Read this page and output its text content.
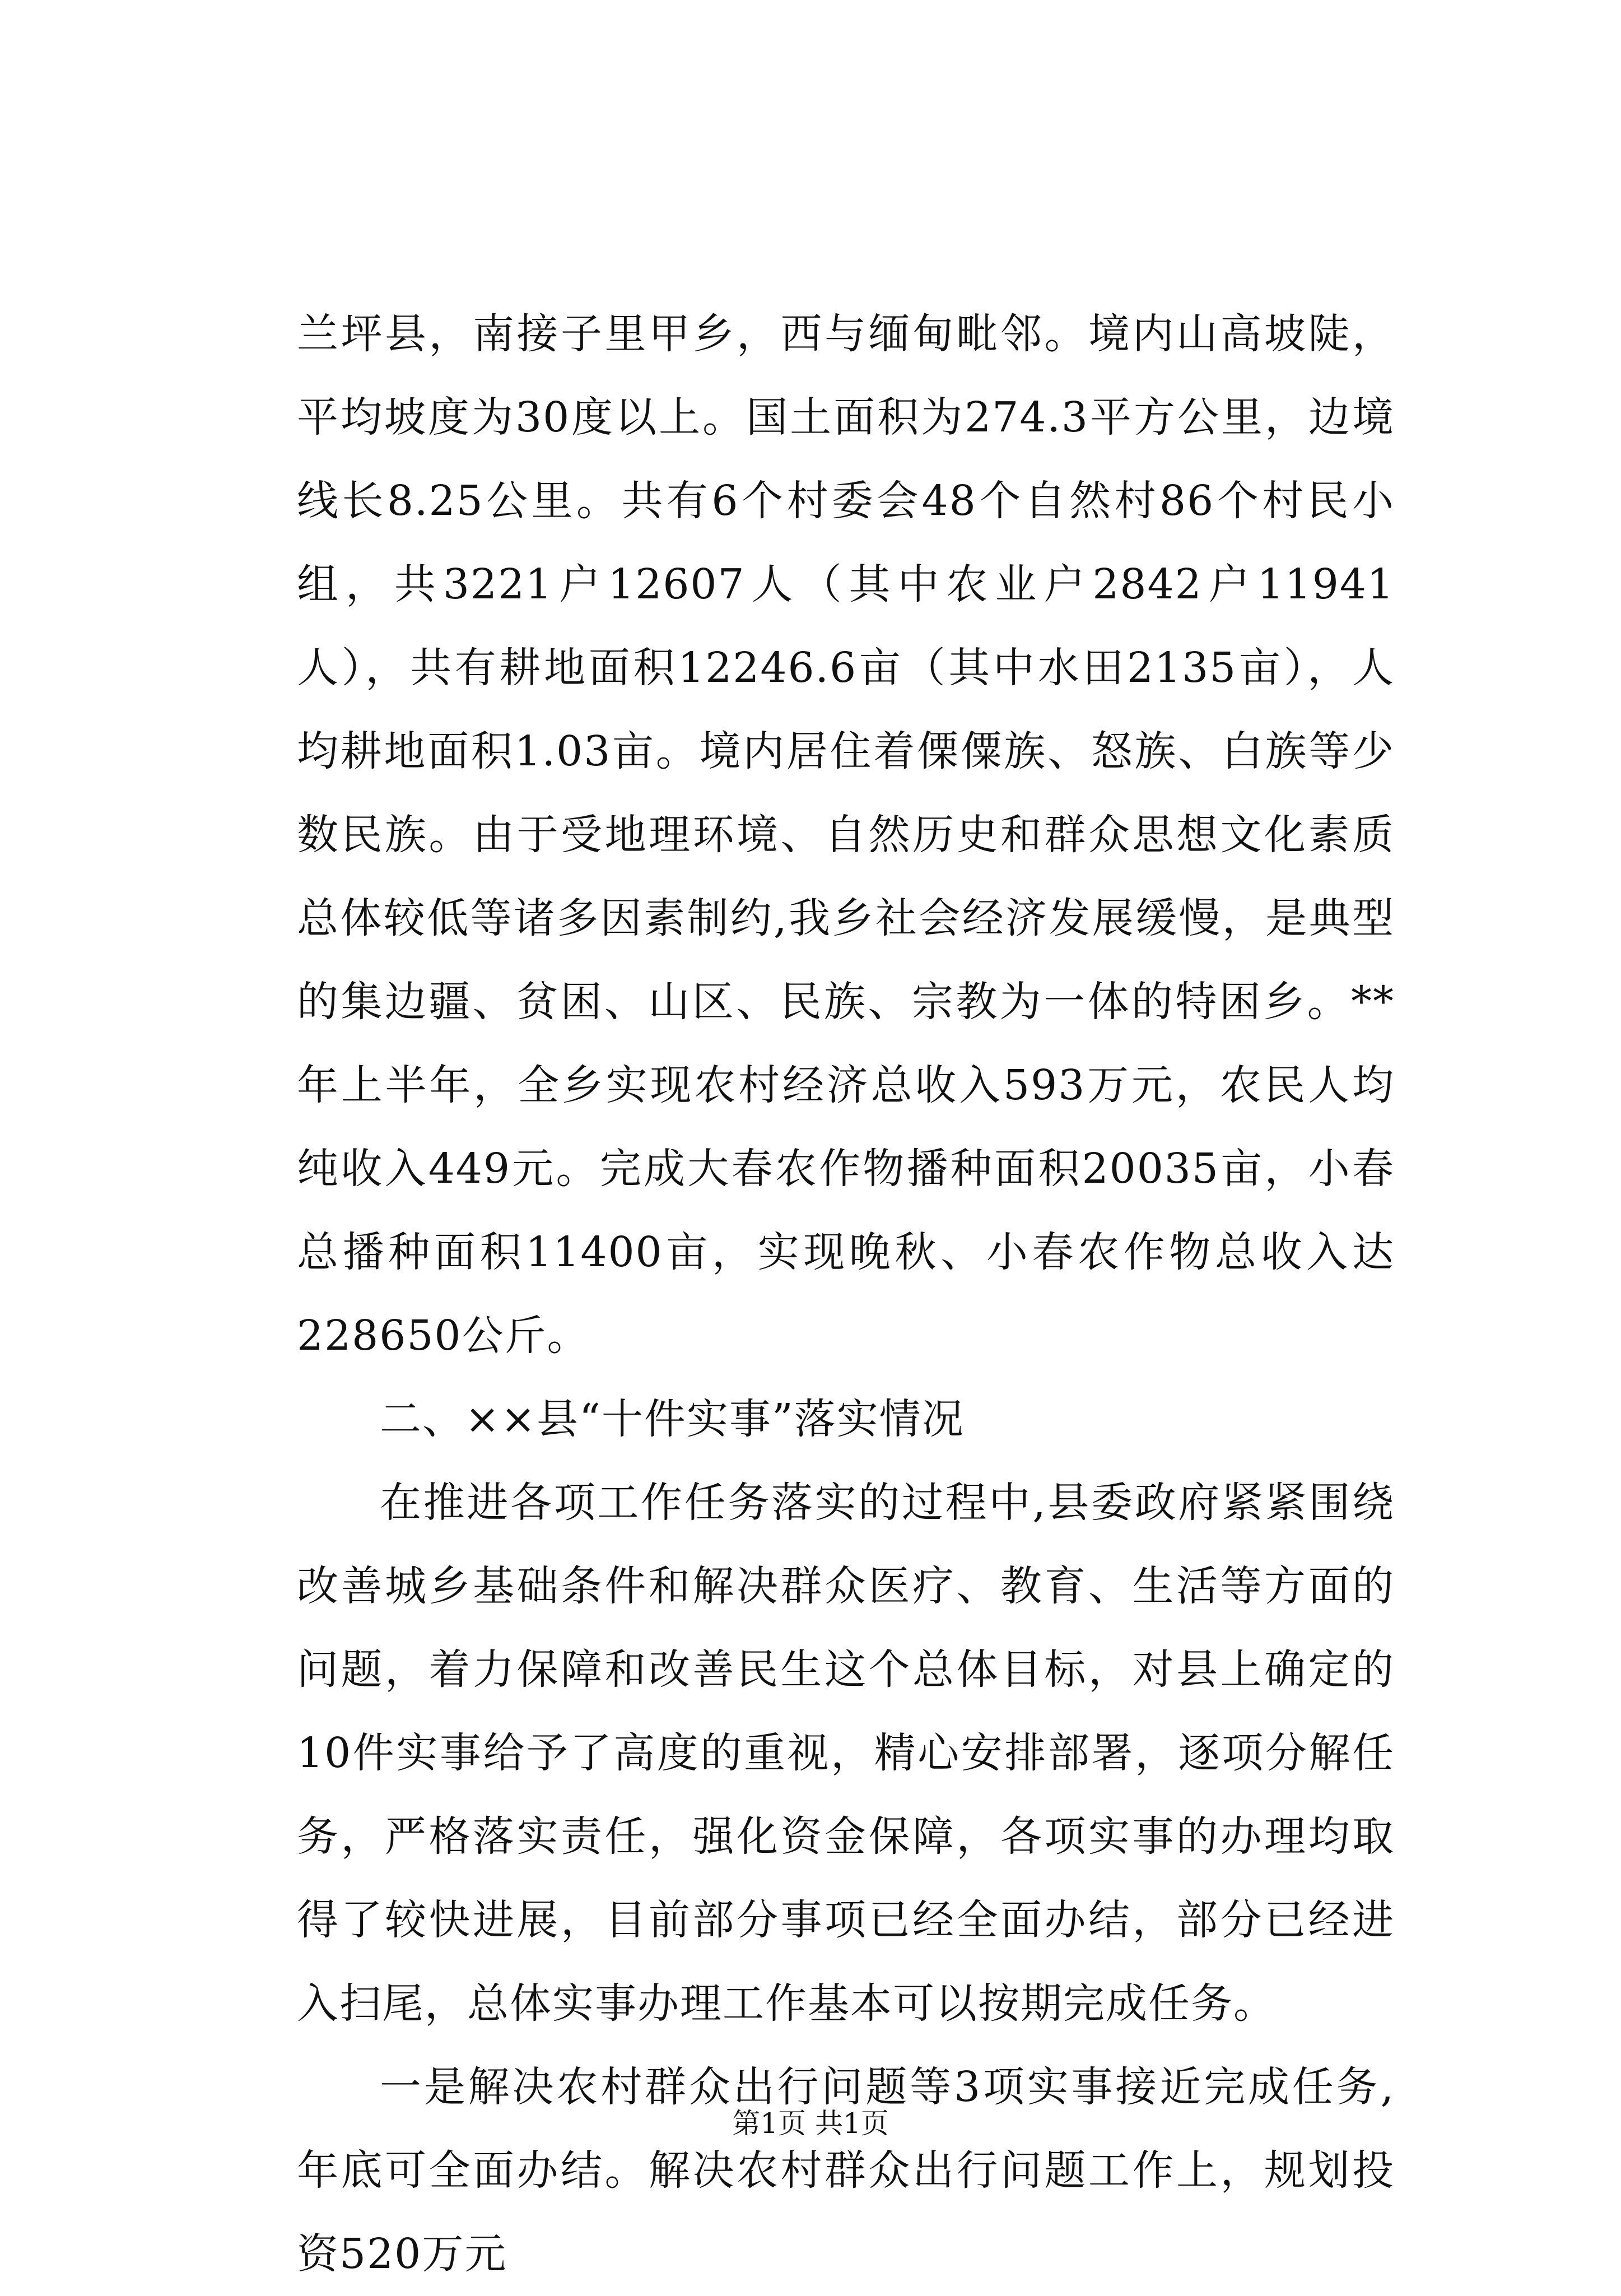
兰坪县，南接子里甲乡，西与缅甸毗邻。境内山高坡陡，平均坡度为30度以上。国土面积为274.3平方公里，边境线长8.25公里。共有6个村委会48个自然村86个村民小组，共3221户12607人（其中农业户2842户11941人），共有耕地面积12246.6亩（其中水田2135亩），人均耕地面积1.03亩。境内居住着傈僳族、怒族、白族等少数民族。由于受地理环境、自然历史和群众思想文化素质总体较低等诸多因素制约,我乡社会经济发展缓慢，是典型的集边疆、贫困、山区、民族、宗教为一体的特困乡。**年上半年，全乡实现农村经济总收入593万元，农民人均纯收入449元。完成大春农作物播种面积20035亩，小春总播种面积11400亩，实现晚秋、小春农作物总收入达228650公斤。

二、××县“十件实事”落实情况

在推进各项工作任务落实的过程中,县委政府紧紧围绕改善城乡基础条件和解决群众医疗、教育、生活等方面的问题，着力保障和改善民生这个总体目标，对县上确定的10件实事给予了高度的重视，精心安排部署，逐项分解任务，严格落实责任，强化资金保障，各项实事的办理均取得了较快进展，目前部分事项已经全面办结，部分已经进入扫尾，总体实事办理工作基本可以按期完成任务。

一是解决农村群众出行问题等3项实事接近完成任务,年底可全面办结。解决农村群众出行问题工作上，规划投资520万元

第1页 共1页
